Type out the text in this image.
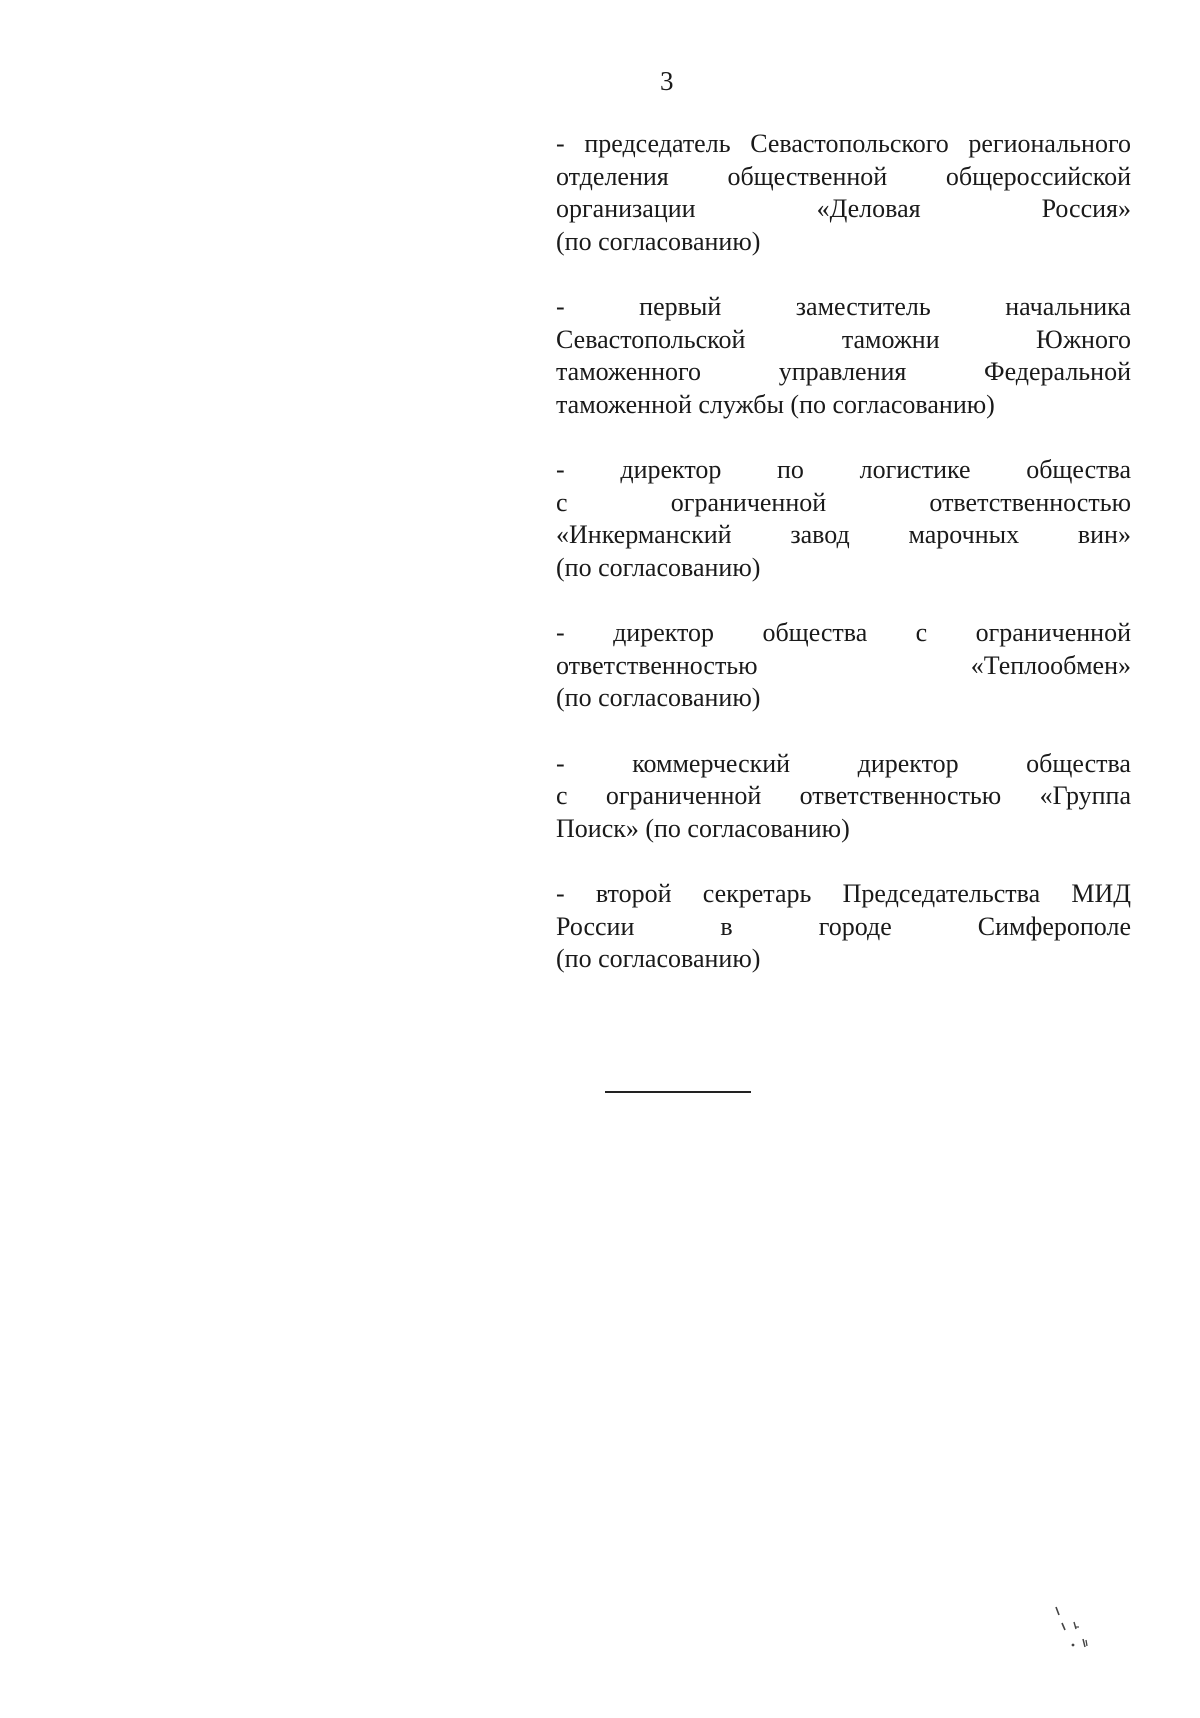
3
- председатель Севастопольского регионального
отделения общественной общероссийской
организации	«Деловая	Россия»
(по согласованию)
-	первый	заместитель	начальника
Севастопольской	таможни	Южного
таможенного	управления	Федеральной
таможенной службы (по согласованию)
- директор по логистике общества
с	ограниченной	ответственностью
«Инкерманский завод марочных вин»
(по согласованию)
- директор общества с ограниченной
ответственностью	«Теплообмен»
(по согласованию)
-	коммерческий	директор	общества
с ограниченной ответственностью «Группа
Поиск» (по согласованию)
- второй секретарь Председательства МИД
России	в	городе	Симферополе
(по согласованию)
